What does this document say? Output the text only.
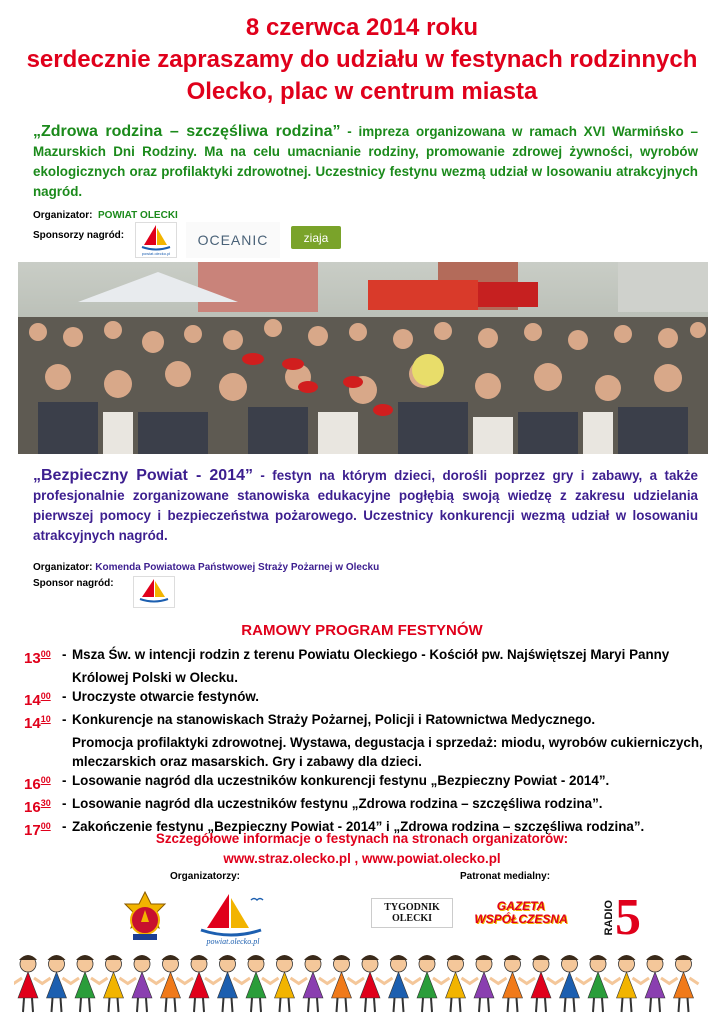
8 czerwca 2014 roku
serdecznie zapraszamy do udziału w festynach rodzinnych
Olecko, plac w centrum miasta
„Zdrowa rodzina – szczęśliwa rodzina” - impreza organizowana w ramach XVI Warmińsko – Mazurskich Dni Rodziny. Ma na celu umacnianie rodziny, promowanie zdrowej żywności, wyrobów ekologicznych oraz profilaktyki zdrowotnej. Uczestnicy festynu wezmą udział w losowaniu atrakcyjnych nagród.
Organizator: POWIAT OLECKI
Sponsorzy nagród:
powiat.olecko.pl
OCEANIC	ziaja
„Bezpieczny Powiat - 2014” - festyn na którym dzieci, dorośli poprzez gry i zabawy, a także profesjonalnie zorganizowane stanowiska edukacyjne pogłębią swoją wiedzę z zakresu udzielania pierwszej pomocy i bezpieczeństwa pożarowego. Uczestnicy konkurencji wezmą udział w losowaniu atrakcyjnych nagród.
Organizator: Komenda Powiatowa Państwowej Straży Pożarnej w Olecku
Sponsor nagród:
RAMOWY PROGRAM FESTYNÓW
$13^{00}$ - Msza Św. w intencji rodzin z terenu Powiatu Oleckiego - Kościół pw. Najświętszej Maryi Panny
Królowej Polski w Olecku.
$14^{00}$ - Uroczyste otwarcie festynów.
$14^{10}$ - Konkurencje na stanowiskach Straży Pożarnej, Policji i Ratownictwa Medycznego.
Promocja profilaktyki zdrowotnej. Wystawa, degustacja i sprzedaż: miodu, wyrobów cukierniczych,
mleczarskich oraz masarskich. Gry i zabawy dla dzieci.
$16^{00}$ - Losowanie nagród dla uczestników konkurencji festynu „Bezpieczny Powiat - 2014”.
$16^{30}$ - Losowanie nagród dla uczestników festynu „Zdrowa rodzina – szczęśliwa rodzina”.
$17^{00}$ - Zakończenie festynu „Bezpieczny Powiat - 2014” i „Zdrowa rodzina – szczęśliwa rodzina”.
Szczegółowe informacje o festynach na stronach organizatorów:
www.straz.olecko.pl , www.powiat.olecko.pl
Organizatorzy:	Patronat medialny:
powiat.olecko.pl
TYGODNIK OLECKI
GAZETA WSPÓŁCZESNA	RADIO 5
